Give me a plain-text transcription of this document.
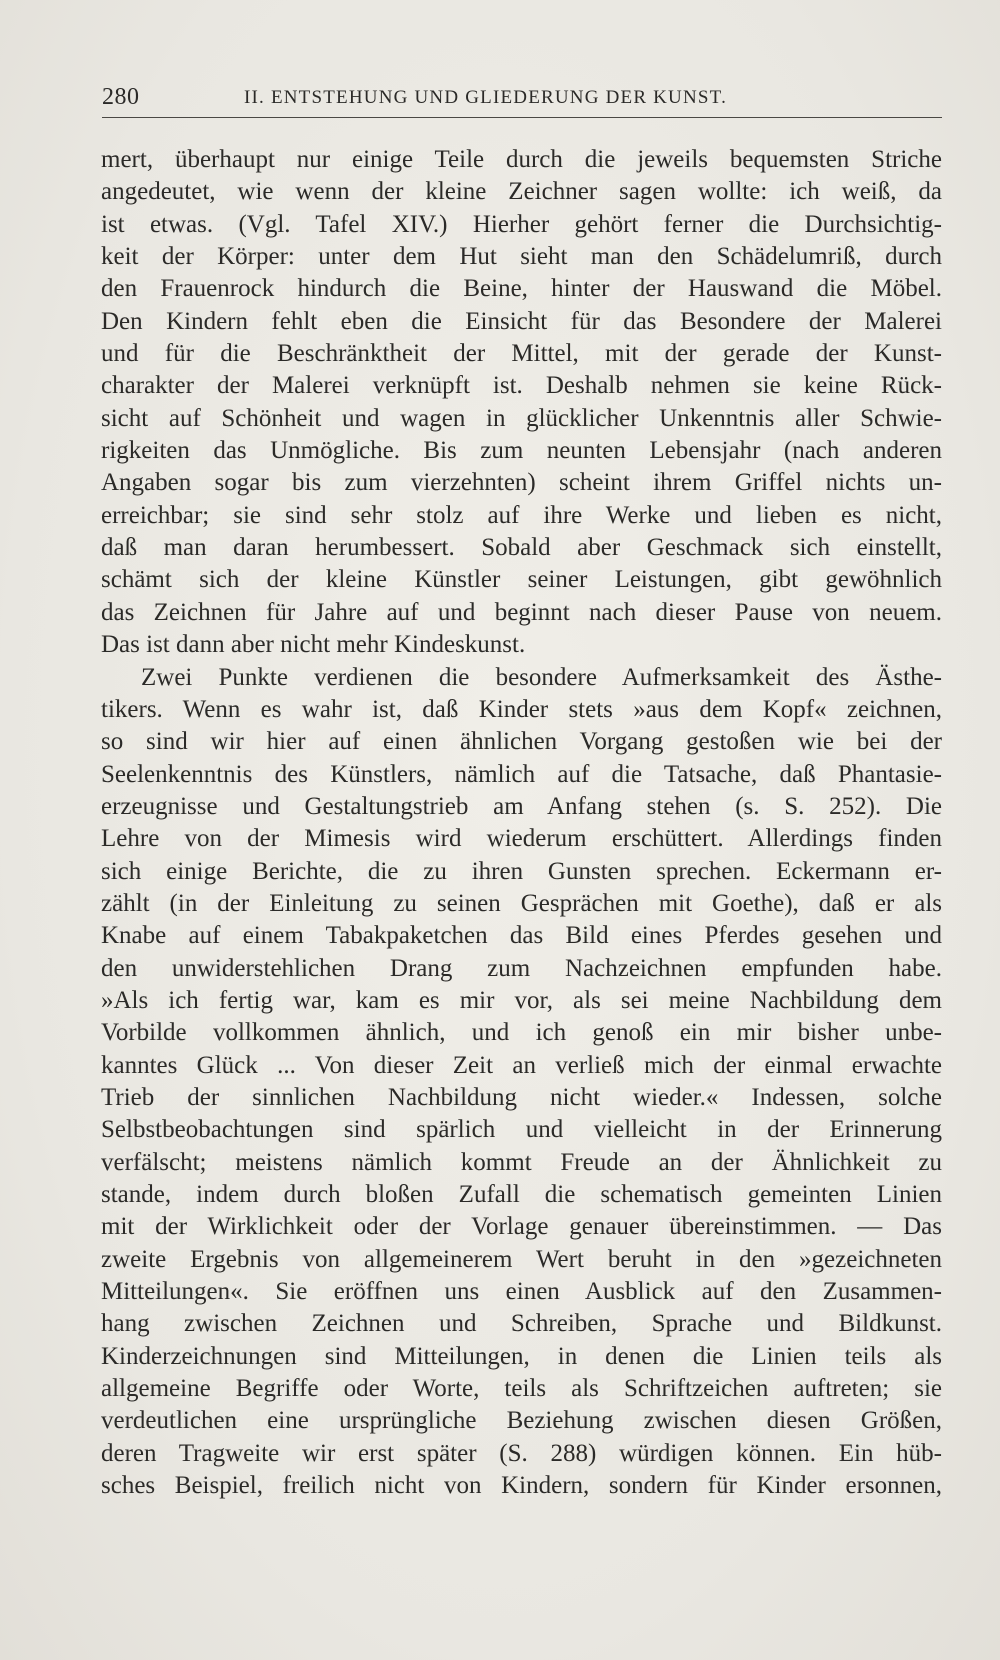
280	II. ENTSTEHUNG UND GLIEDERUNG DER KUNST.
mert, überhaupt nur einige Teile durch die jeweils bequemsten Striche
angedeutet, wie wenn der kleine Zeichner sagen wollte: ich weiß, da
ist etwas. (Vgl. Tafel XIV.) Hierher gehört ferner die Durchsichtig-
keit der Körper: unter dem Hut sieht man den Schädelumriß, durch
den Frauenrock hindurch die Beine, hinter der Hauswand die Möbel.
Den Kindern fehlt eben die Einsicht für das Besondere der Malerei
und für die Beschränktheit der Mittel, mit der gerade der Kunst-
charakter der Malerei verknüpft ist. Deshalb nehmen sie keine Rück-
sicht auf Schönheit und wagen in glücklicher Unkenntnis aller Schwie-
rigkeiten das Unmögliche. Bis zum neunten Lebensjahr (nach anderen
Angaben sogar bis zum vierzehnten) scheint ihrem Griffel nichts un-
erreichbar; sie sind sehr stolz auf ihre Werke und lieben es nicht,
daß man daran herumbessert. Sobald aber Geschmack sich einstellt,
schämt sich der kleine Künstler seiner Leistungen, gibt gewöhnlich
das Zeichnen für Jahre auf und beginnt nach dieser Pause von neuem.
Das ist dann aber nicht mehr Kindeskunst.
Zwei Punkte verdienen die besondere Aufmerksamkeit des Ästhe-
tikers. Wenn es wahr ist, daß Kinder stets »aus dem Kopf« zeichnen,
so sind wir hier auf einen ähnlichen Vorgang gestoßen wie bei der
Seelenkenntnis des Künstlers, nämlich auf die Tatsache, daß Phantasie-
erzeugnisse und Gestaltungstrieb am Anfang stehen (s. S. 252). Die
Lehre von der Mimesis wird wiederum erschüttert. Allerdings finden
sich einige Berichte, die zu ihren Gunsten sprechen. Eckermann er-
zählt (in der Einleitung zu seinen Gesprächen mit Goethe), daß er als
Knabe auf einem Tabakpaketchen das Bild eines Pferdes gesehen und
den unwiderstehlichen Drang zum Nachzeichnen empfunden habe.
»Als ich fertig war, kam es mir vor, als sei meine Nachbildung dem
Vorbilde vollkommen ähnlich, und ich genoß ein mir bisher unbe-
kanntes Glück ... Von dieser Zeit an verließ mich der einmal erwachte
Trieb der sinnlichen Nachbildung nicht wieder.« Indessen, solche
Selbstbeobachtungen sind spärlich und vielleicht in der Erinnerung
verfälscht; meistens nämlich kommt Freude an der Ähnlichkeit zu
stande, indem durch bloßen Zufall die schematisch gemeinten Linien
mit der Wirklichkeit oder der Vorlage genauer übereinstimmen. — Das
zweite Ergebnis von allgemeinerem Wert beruht in den »gezeichneten
Mitteilungen«. Sie eröffnen uns einen Ausblick auf den Zusammen-
hang zwischen Zeichnen und Schreiben, Sprache und Bildkunst.
Kinderzeichnungen sind Mitteilungen, in denen die Linien teils als
allgemeine Begriffe oder Worte, teils als Schriftzeichen auftreten; sie
verdeutlichen eine ursprüngliche Beziehung zwischen diesen Größen,
deren Tragweite wir erst später (S. 288) würdigen können. Ein hüb-
sches Beispiel, freilich nicht von Kindern, sondern für Kinder ersonnen,
